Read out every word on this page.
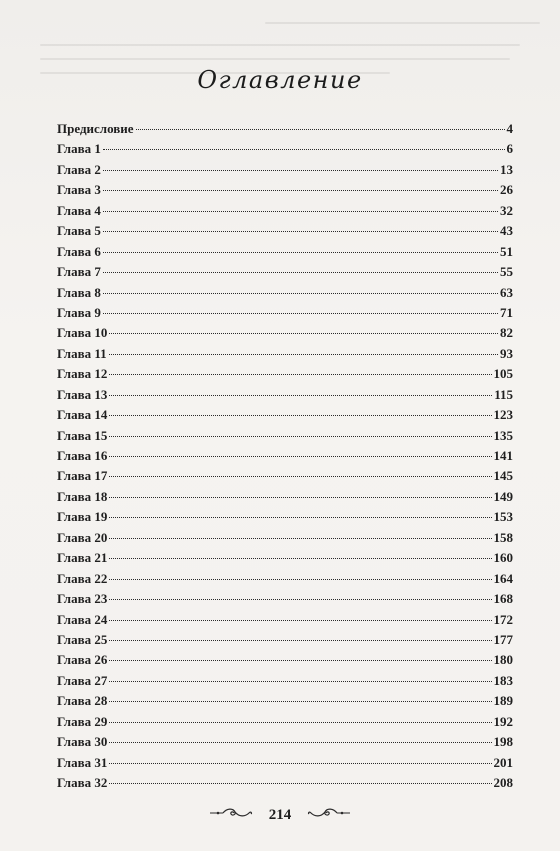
Оглавление
Предисловие	4
Глава 1	6
Глава 2	13
Глава 3	26
Глава 4	32
Глава 5	43
Глава 6	51
Глава 7	55
Глава 8	63
Глава 9	71
Глава 10	82
Глава 11	93
Глава 12	105
Глава 13	115
Глава 14	123
Глава 15	135
Глава 16	141
Глава 17	145
Глава 18	149
Глава 19	153
Глава 20	158
Глава 21	160
Глава 22	164
Глава 23	168
Глава 24	172
Глава 25	177
Глава 26	180
Глава 27	183
Глава 28	189
Глава 29	192
Глава 30	198
Глава 31	201
Глава 32	208
214
